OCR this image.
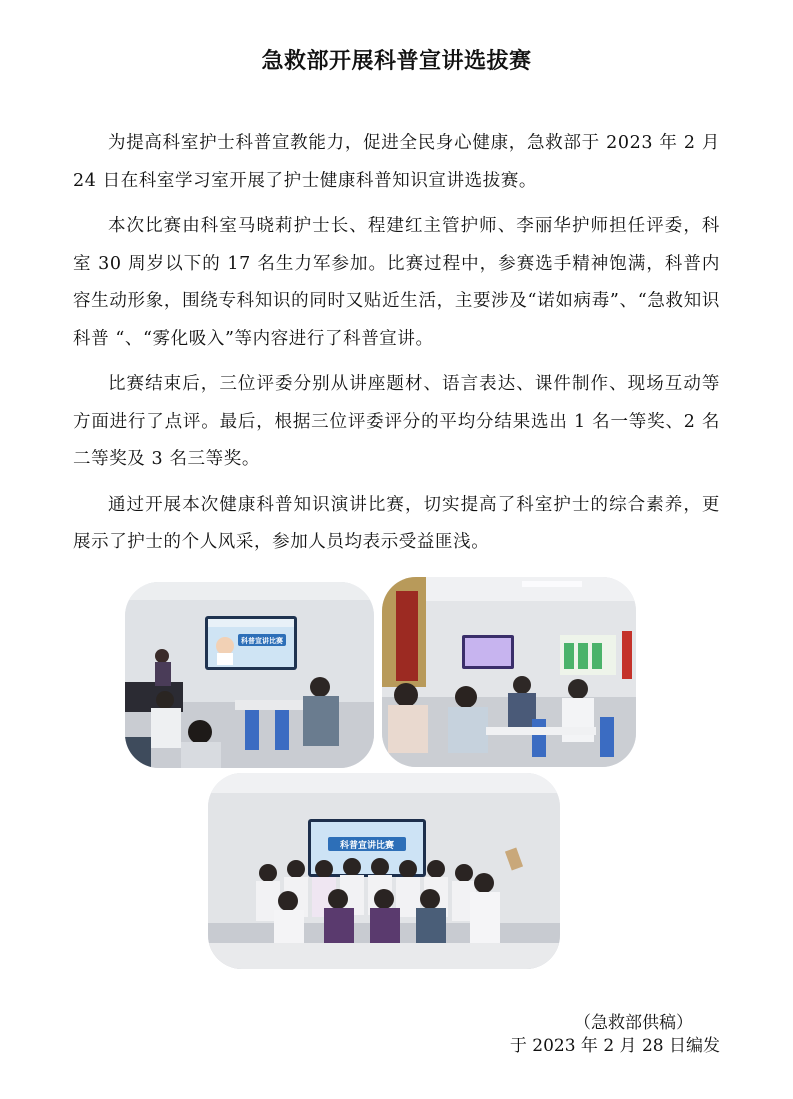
急救部开展科普宣讲选拔赛

为提高科室护士科普宣教能力，促进全民身心健康，急救部于 2023 年 2 月 24 日在科室学习室开展了护士健康科普知识宣讲选拔赛。

本次比赛由科室马晓莉护士长、程建红主管护师、李丽华护师担任评委，科室 30 周岁以下的 17 名生力军参加。比赛过程中，参赛选手精神饱满，科普内容生动形象，围绕专科知识的同时又贴近生活，主要涉及“诺如病毒”、“急救知识科普 “、“雾化吸入”等内容进行了科普宣讲。

比赛结束后，三位评委分别从讲座题材、语言表达、课件制作、现场互动等方面进行了点评。最后，根据三位评委评分的平均分结果选出 1 名一等奖、2 名二等奖及 3 名三等奖。

通过开展本次健康科普知识演讲比赛，切实提高了科室护士的综合素养，更展示了护士的个人风采，参加人员均表示受益匪浅。

科普宣讲比赛
科普宣讲比赛
（急救部供稿）
于 2023 年 2 月 28 日编发
